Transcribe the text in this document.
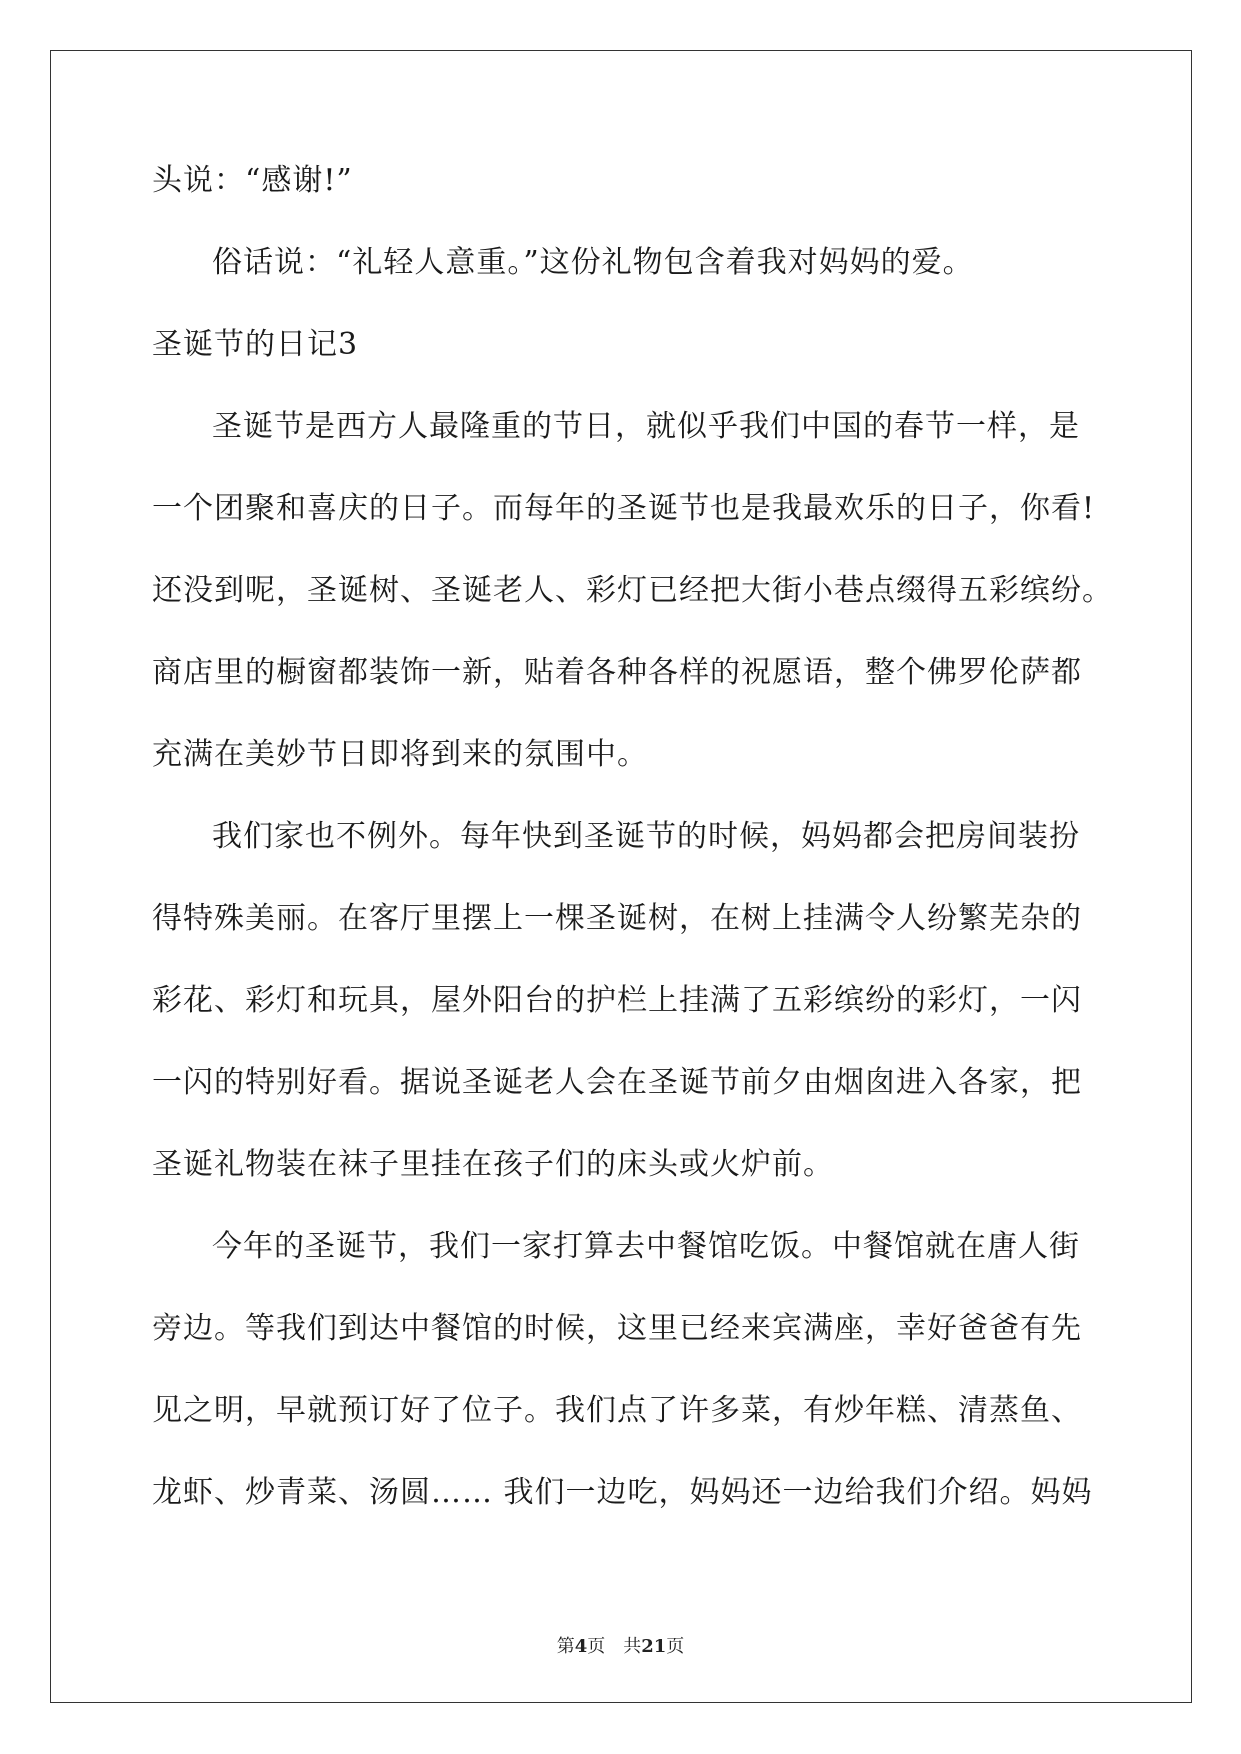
头说：“感谢!”
俗话说：“礼轻人意重。”这份礼物包含着我对妈妈的爱。
圣诞节的日记3
圣诞节是西方人最隆重的节日，就似乎我们中国的春节一样，是
一个团聚和喜庆的日子。而每年的圣诞节也是我最欢乐的日子，你看!
还没到呢，圣诞树、圣诞老人、彩灯已经把大街小巷点缀得五彩缤纷。
商店里的橱窗都装饰一新，贴着各种各样的祝愿语，整个佛罗伦萨都
充满在美妙节日即将到来的氛围中。
我们家也不例外。每年快到圣诞节的时候，妈妈都会把房间装扮
得特殊美丽。在客厅里摆上一棵圣诞树，在树上挂满令人纷繁芜杂的
彩花、彩灯和玩具，屋外阳台的护栏上挂满了五彩缤纷的彩灯，一闪
一闪的特别好看。据说圣诞老人会在圣诞节前夕由烟囱进入各家，把
圣诞礼物装在袜子里挂在孩子们的床头或火炉前。
今年的圣诞节，我们一家打算去中餐馆吃饭。中餐馆就在唐人街
旁边。等我们到达中餐馆的时候，这里已经来宾满座，幸好爸爸有先
见之明，早就预订好了位子。我们点了许多菜，有炒年糕、清蒸鱼、
龙虾、炒青菜、汤圆…… 我们一边吃，妈妈还一边给我们介绍。妈妈
第4页　共21页
